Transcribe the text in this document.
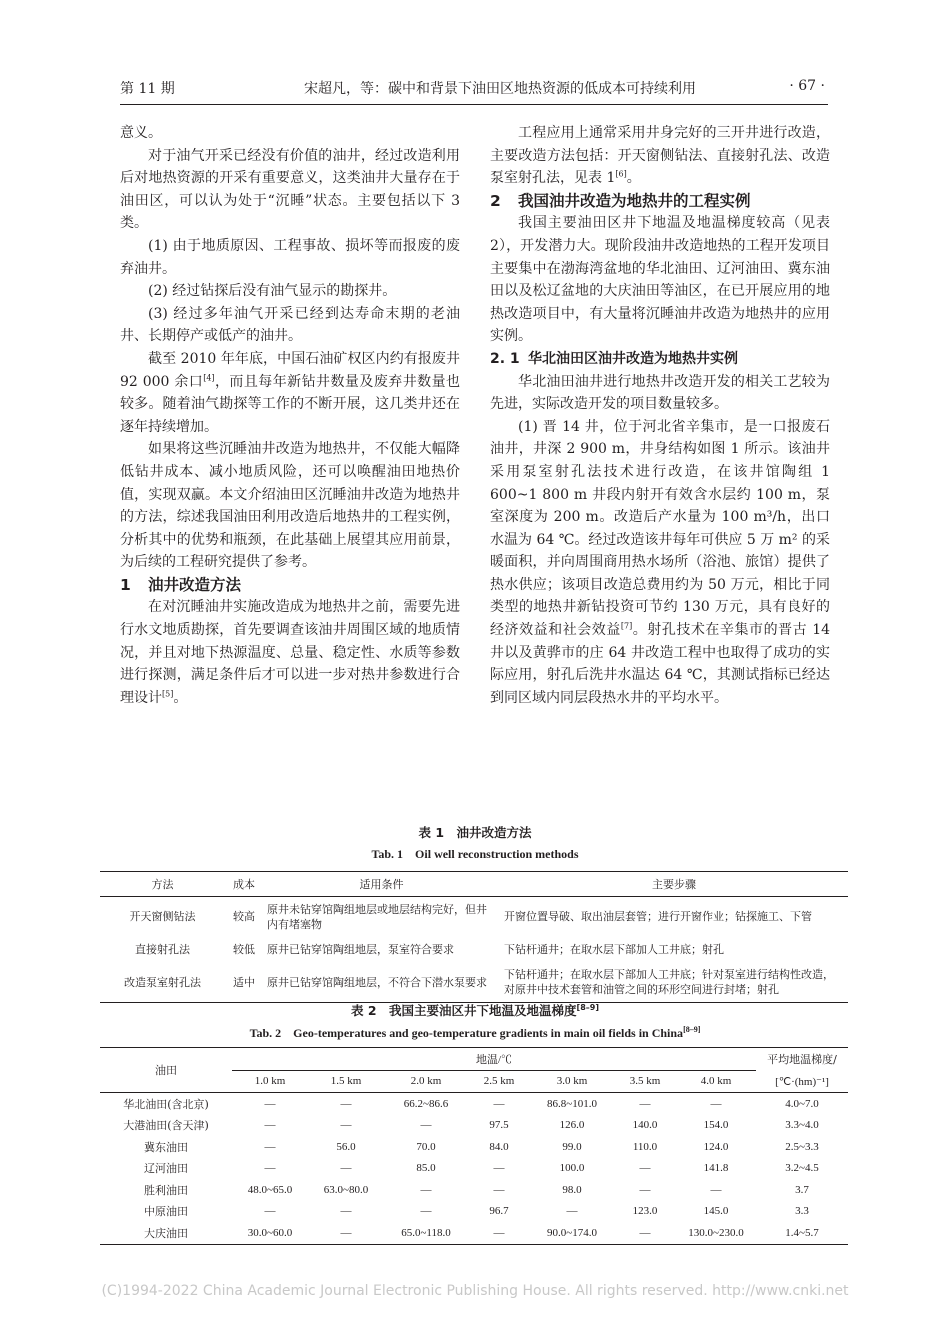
第 11 期	宋超凡，等：碳中和背景下油田区地热资源的低成本可持续利用	· 67 ·

意义。

对于油气开采已经没有价值的油井，经过改造利用后对地热资源的开采有重要意义，这类油井大量存在于油田区，可以认为处于“沉睡”状态。主要包括以下 3 类。

(1) 由于地质原因、工程事故、损坏等而报废的废弃油井。

(2) 经过钻探后没有油气显示的勘探井。

(3) 经过多年油气开采已经到达寿命末期的老油井、长期停产或低产的油井。

截至 2010 年年底，中国石油矿权区内约有报废井 92 000 余口[4]，而且每年新钻井数量及废弃井数量也较多。随着油气勘探等工作的不断开展，这几类井还在逐年持续增加。

如果将这些沉睡油井改造为地热井，不仅能大幅降低钻井成本、减小地质风险，还可以唤醒油田地热价值，实现双赢。本文介绍油田区沉睡油井改造为地热井的方法，综述我国油田利用改造后地热井的工程实例，分析其中的优势和瓶颈，在此基础上展望其应用前景，为后续的工程研究提供了参考。

1 油井改造方法

在对沉睡油井实施改造成为地热井之前，需要先进行水文地质勘探，首先要调查该油井周围区域的地质情况，并且对地下热源温度、总量、稳定性、水质等参数进行探测，满足条件后才可以进一步对热井参数进行合理设计[5]。

工程应用上通常采用井身完好的三开井进行改造，主要改造方法包括：开天窗侧钻法、直接射孔法、改造泵室射孔法，见表 1[6]。

2 我国油井改造为地热井的工程实例

我国主要油田区井下地温及地温梯度较高（见表 2），开发潜力大。现阶段油井改造地热的工程开发项目主要集中在渤海湾盆地的华北油田、辽河油田、冀东油田以及松辽盆地的大庆油田等油区，在已开展应用的地热改造项目中，有大量将沉睡油井改造为地热井的应用实例。

2. 1 华北油田区油井改造为地热井实例

华北油田油井进行地热井改造开发的相关工艺较为先进，实际改造开发的项目数量较多。

(1) 晋 14 井，位于河北省辛集市，是一口报废石油井，井深 2 900 m，井身结构如图 1 所示。该油井采用泵室射孔法技术进行改造，在该井馆陶组 1 600~1 800 m 井段内射开有效含水层约 100 m，泵室深度为 200 m。改造后产水量为 100 m³/h，出口水温为 64 ℃。经过改造该井每年可供应 5 万 m² 的采暖面积，并向周围商用热水场所（浴池、旅馆）提供了热水供应；该项目改造总费用约为 50 万元，相比于同类型的地热井新钻投资可节约 130 万元，具有良好的经济效益和社会效益[7]。射孔技术在辛集市的晋古 14 井以及黄骅市的庄 64 井改造工程中也取得了成功的实际应用，射孔后洗井水温达 64 ℃，其测试指标已经达到同区域内同层段热水井的平均水平。

表 1　油井改造方法
Tab. 1　Oil well reconstruction methods
方法	成本	适用条件	主要步骤
开天窗侧钻法	较高	原井未钻穿馆陶组地层或地层结构完好，但井内有堵塞物	开窗位置导破、取出油层套管；进行开窗作业；钻探施工、下管
直接射孔法	较低	原井已钻穿馆陶组地层，泵室符合要求	下钻杆通井；在取水层下部加人工井底；射孔
改造泵室射孔法	适中	原井已钻穿馆陶组地层，不符合下潜水泵要求	下钻杆通井；在取水层下部加人工井底；针对泵室进行结构性改造，对原井中技术套管和油管之间的环形空间进行封堵；射孔
表 2　我国主要油区井下地温及地温梯度[8–9]
Tab. 2　Geo-temperatures and geo-temperature gradients in main oil fields in China[8–9]
油田	地温/℃							平均地温梯度/
	1.0 km	1.5 km	2.0 km	2.5 km	3.0 km	3.5 km	4.0 km	[℃·(hm)⁻¹]
华北油田(含北京)	—	—	66.2~86.6	—	86.8~101.0	—	—	4.0~7.0
大港油田(含天津)	—	—	—	97.5	126.0	140.0	154.0	3.3~4.0
冀东油田	—	56.0	70.0	84.0	99.0	110.0	124.0	2.5~3.3
辽河油田	—	—	85.0	—	100.0	—	141.8	3.2~4.5
胜利油田	48.0~65.0	63.0~80.0	—	—	98.0	—	—	3.7
中原油田	—	—	—	96.7	—	123.0	145.0	3.3
大庆油田	30.0~60.0	—	65.0~118.0	—	90.0~174.0	—	130.0~230.0	1.4~5.7
(C)1994-2022 China Academic Journal Electronic Publishing House. All rights reserved. http://www.cnki.net
